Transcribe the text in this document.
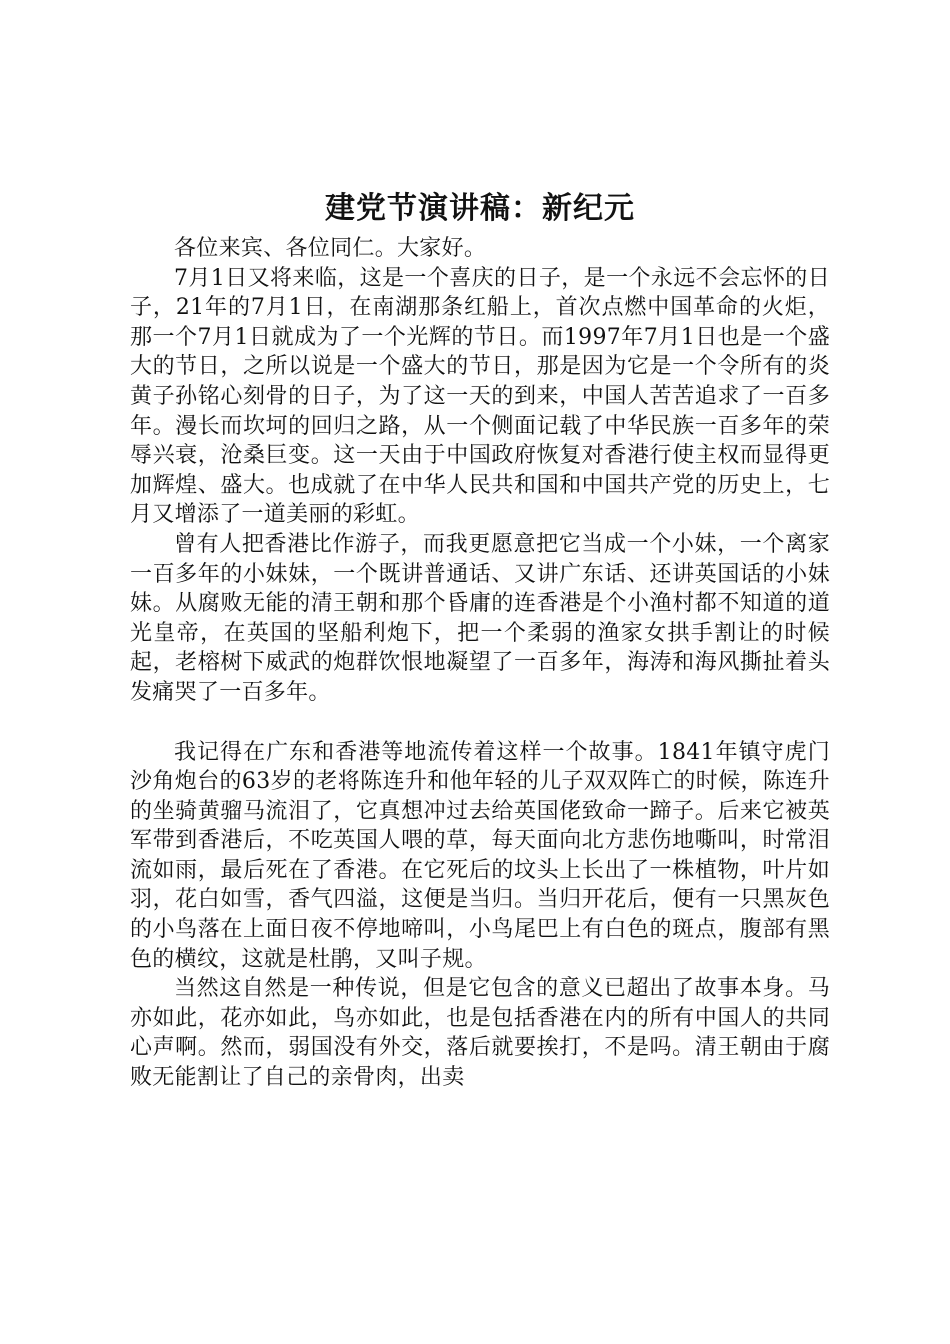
建党节演讲稿：新纪元

各位来宾、各位同仁。大家好。

7月1日又将来临，这是一个喜庆的日子，是一个永远不会忘怀的日子，21年的7月1日，在南湖那条红船上，首次点燃中国革命的火炬，那一个7月1日就成为了一个光辉的节日。而1997年7月1日也是一个盛大的节日，之所以说是一个盛大的节日，那是因为它是一个令所有的炎黄子孙铭心刻骨的日子，为了这一天的到来，中国人苦苦追求了一百多年。漫长而坎坷的回归之路，从一个侧面记载了中华民族一百多年的荣辱兴衰，沧桑巨变。这一天由于中国政府恢复对香港行使主权而显得更加辉煌、盛大。也成就了在中华人民共和国和中国共产党的历史上，七月又增添了一道美丽的彩虹。

曾有人把香港比作游子，而我更愿意把它当成一个小妹，一个离家一百多年的小妹妹，一个既讲普通话、又讲广东话、还讲英国话的小妹妹。从腐败无能的清王朝和那个昏庸的连香港是个小渔村都不知道的道光皇帝，在英国的坚船利炮下，把一个柔弱的渔家女拱手割让的时候起，老榕树下威武的炮群饮恨地凝望了一百多年，海涛和海风撕扯着头发痛哭了一百多年。

我记得在广东和香港等地流传着这样一个故事。1841年镇守虎门沙角炮台的63岁的老将陈连升和他年轻的儿子双双阵亡的时候，陈连升的坐骑黄骝马流泪了，它真想冲过去给英国佬致命一蹄子。后来它被英军带到香港后，不吃英国人喂的草，每天面向北方悲伤地嘶叫，时常泪流如雨，最后死在了香港。在它死后的坟头上长出了一株植物，叶片如羽，花白如雪，香气四溢，这便是当归。当归开花后，便有一只黑灰色的小鸟落在上面日夜不停地啼叫，小鸟尾巴上有白色的斑点，腹部有黑色的横纹，这就是杜鹃，又叫子规。

当然这自然是一种传说，但是它包含的意义已超出了故事本身。马亦如此，花亦如此，鸟亦如此，也是包括香港在内的所有中国人的共同心声啊。然而，弱国没有外交，落后就要挨打，不是吗。清王朝由于腐败无能割让了自己的亲骨肉，出卖
